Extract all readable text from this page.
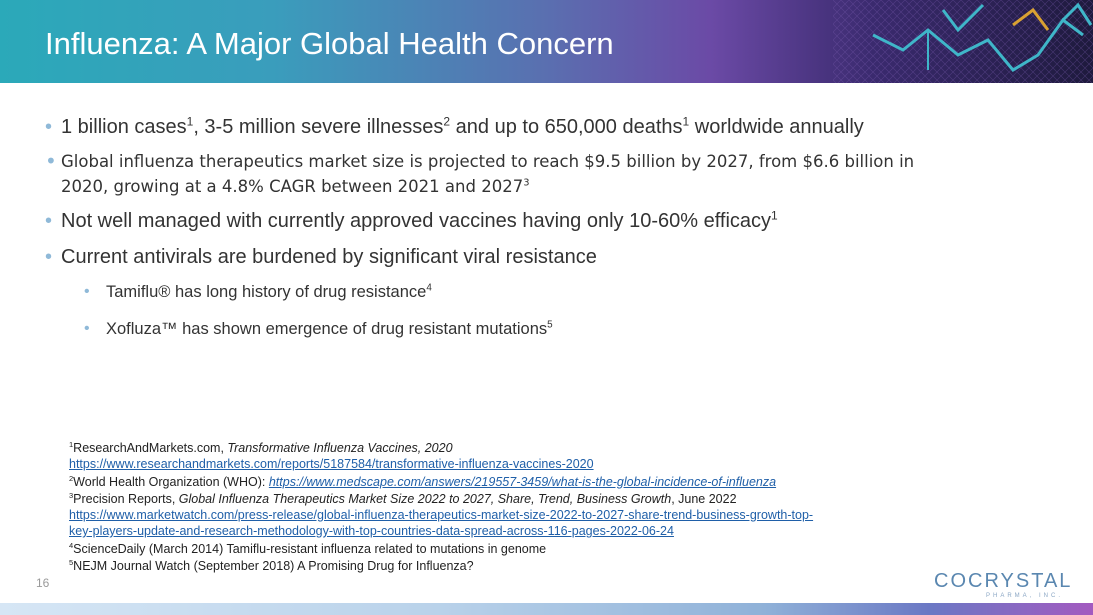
Influenza: A Major Global Health Concern
• 1 billion cases$^1$, 3-5 million severe illnesses$^2$ and up to 650,000 deaths$^1$ worldwide annually
• Global influenza therapeutics market size is projected to reach $9.5 billion by 2027, from $6.6 billion in
2020, growing at a 4.8% CAGR between 2021 and 2027$^3$
• Not well managed with currently approved vaccines having only 10-60% efficacy$^1$
• Current antivirals are burdened by significant viral resistance
• Tamiflu® has long history of drug resistance$^4$
• Xofluza™ has shown emergence of drug resistant mutations$^5$
$^1$ResearchAndMarkets.com, Transformative Influenza Vaccines, 2020
https://www.researchandmarkets.com/reports/5187584/transformative-influenza-vaccines-2020
$^2$World Health Organization (WHO): https://www.medscape.com/answers/219557-3459/what-is-the-global-incidence-of-influenza
$^3$Precision Reports, Global Influenza Therapeutics Market Size 2022 to 2027, Share, Trend, Business Growth, June 2022
https://www.marketwatch.com/press-release/global-influenza-therapeutics-market-size-2022-to-2027-share-trend-business-growth-top-
key-players-update-and-research-methodology-with-top-countries-data-spread-across-116-pages-2022-06-24
$^4$ScienceDaily (March 2014) Tamiflu-resistant influenza related to mutations in genome
$^5$NEJM Journal Watch (September 2018) A Promising Drug for Influenza?
16	COCRYSTAL
PHARMA, INC.
